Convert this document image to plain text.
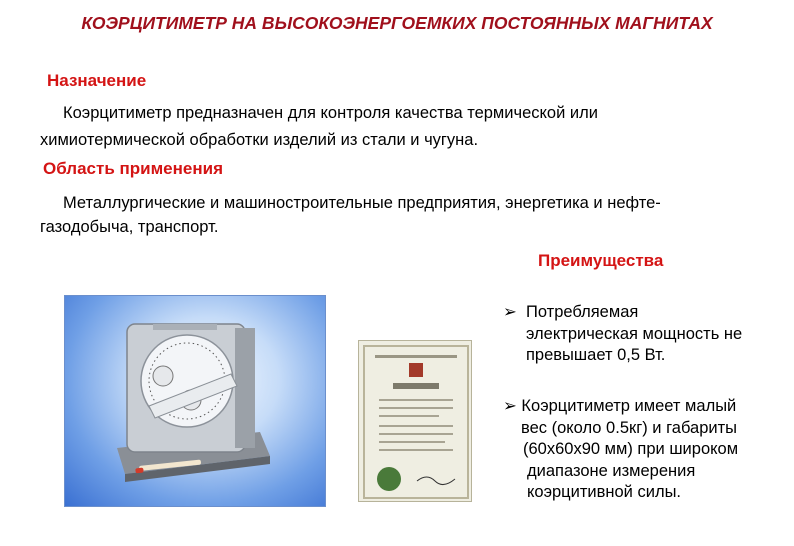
КОЭРЦИТИМЕТР НА ВЫСОКОЭНЕРГОЕМКИХ ПОСТОЯННЫХ МАГНИТАХ
Назначение
Коэрцитиметр предназначен для контроля качества термической или
химиотермической обработки изделий из стали и чугуна.
Область применения
Металлургические и машиностроительные предприятия, энергетика и нефте-
газодобыча, транспорт.
Преимущества
➢ Потребляемая
электрическая мощность не
превышает 0,5 Вт.
➢ Коэрцитиметр имеет малый
вес (около 0.5кг) и габариты
(60х60х90 мм) при широком
диапазоне измерения
коэрцитивной силы.
